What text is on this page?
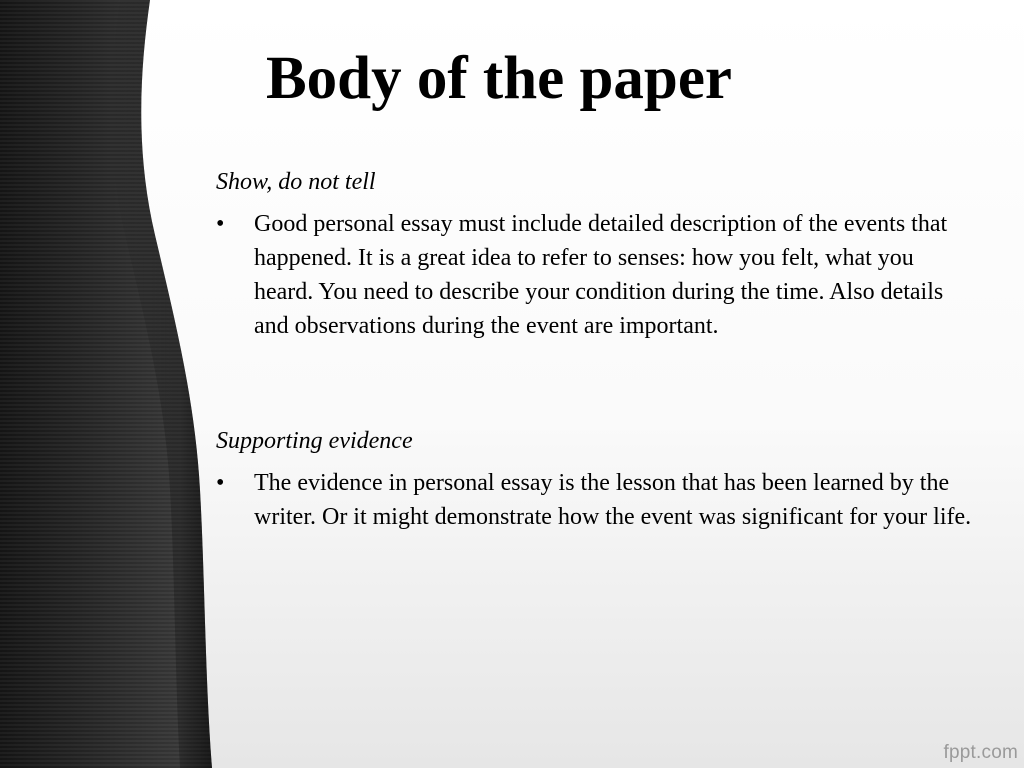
Body of the paper

Show, do not tell

•	Good personal essay must include detailed description of the events that happened. It is a great idea to refer to senses: how you felt, what you heard. You need to describe your condition during the time. Also details and observations during the event are important.

Supporting evidence

•	The evidence in personal essay is the lesson that has been learned by the writer. Or it might demonstrate how the event was significant for your life.
fppt.com
